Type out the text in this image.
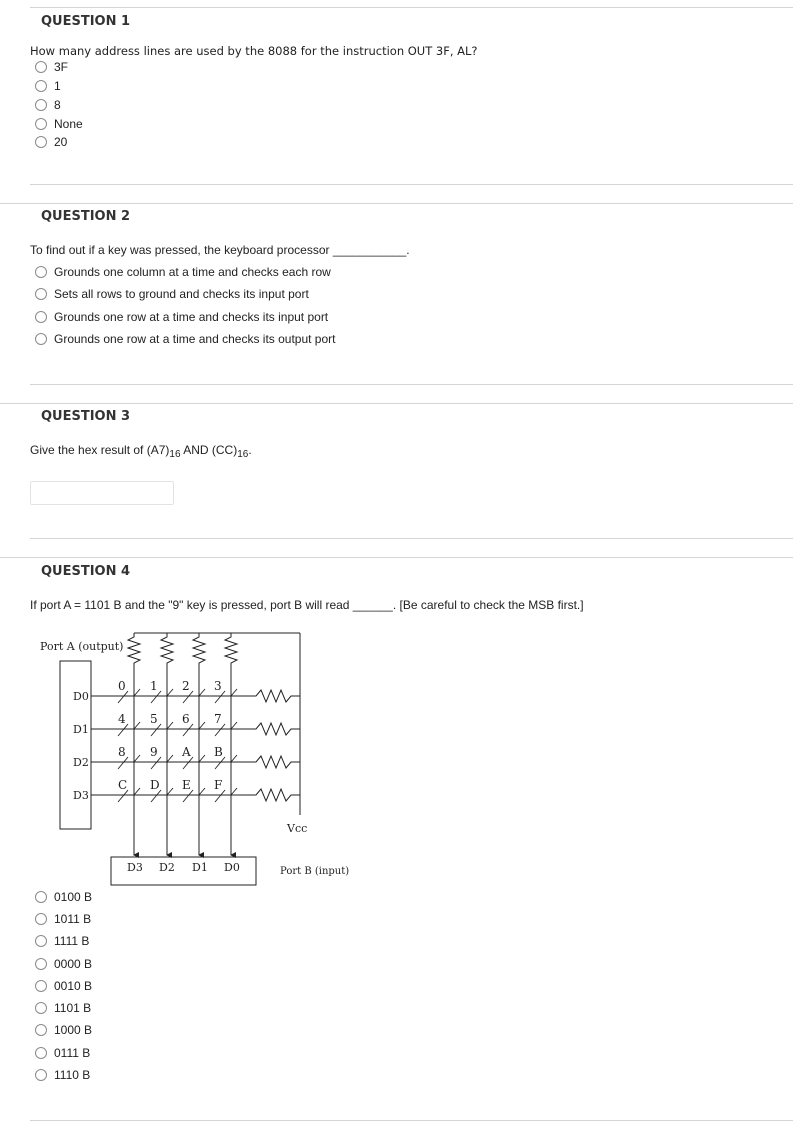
QUESTION 1
How many address lines are used by the 8088 for the instruction OUT 3F, AL?
3F
1
8
None
20
QUESTION 2
To find out if a key was pressed, the keyboard processor ___________.
Grounds one column at a time and checks each row
Sets all rows to ground and checks its input port
Grounds one row at a time and checks its input port
Grounds one row at a time and checks its output port
QUESTION 3
Give the hex result of $(A7)_{16}$ AND $(CC)_{16}$.
QUESTION 4
If port A = 1101 B and the "9" key is pressed, port B will read ______. [Be careful to check the MSB first.]
Port A (output)
Port B (input)
Vcc
D0
D1
D2
D3
D3 D2 D1 D0
0 1 2 3
4 5 6 7
8 9 A B
C D E F
0100 B
1011 B
1111 B
0000 B
0010 B
1101 B
1000 B
0111 B
1110 B
